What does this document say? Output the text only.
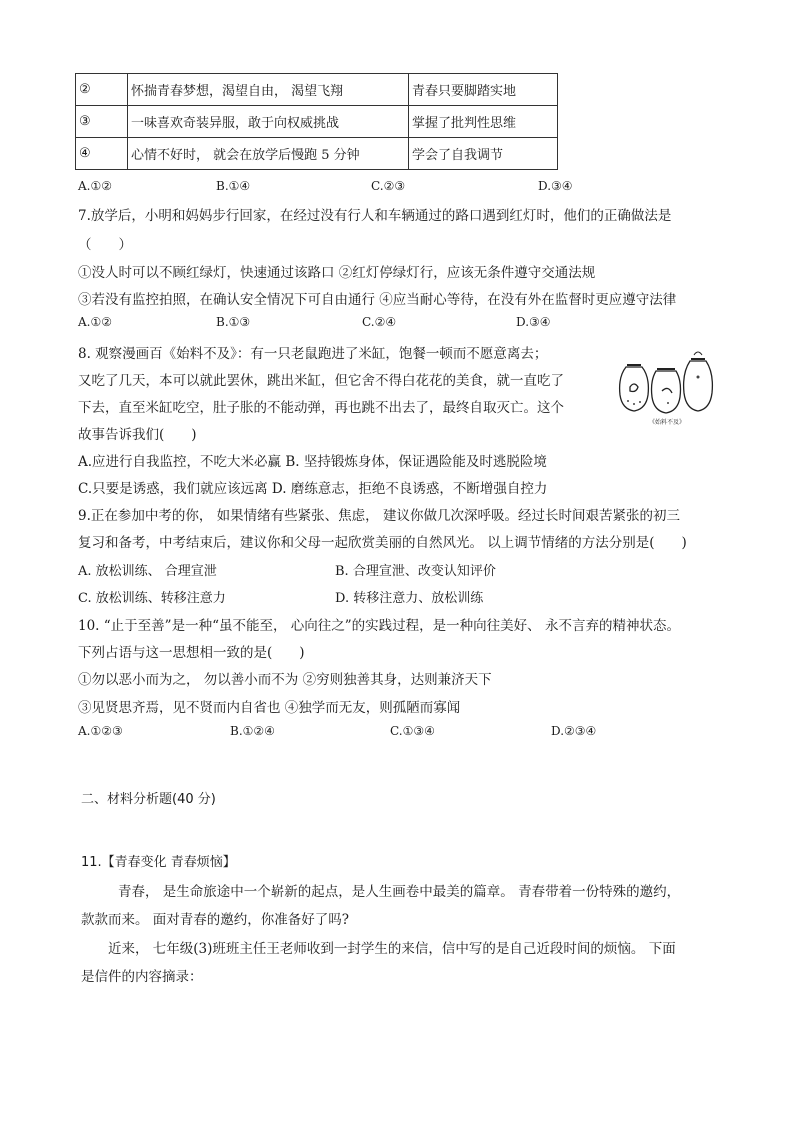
②	怀揣青春梦想，渴望自由， 渴望飞翔	青春只要脚踏实地
③	一味喜欢奇装异服，敢于向权威挑战	掌握了批判性思维
④	心情不好时， 就会在放学后慢跑 5 分钟	学会了自我调节
A.①②	B.①④	C.②③	D.③④
7.放学后，小明和妈妈步行回家，在经过没有行人和车辆通过的路口遇到红灯时，他们的正确做法是
（　　）
①没人时可以不顾红绿灯，快速通过该路口 ②红灯停绿灯行，应该无条件遵守交通法规
③若没有监控拍照，在确认安全情况下可自由通行 ④应当耐心等待，在没有外在监督时更应遵守法律
A.①②	B.①③	C.②④	D.③④
8. 观察漫画百《始料不及》：有一只老鼠跑进了米缸，饱餐一顿而不愿意离去；
又吃了几天，本可以就此罢休，跳出米缸，但它舍不得白花花的美食，就一直吃了
下去，直至米缸吃空，肚子胀的不能动弹，再也跳不出去了，最终自取灭亡。这个
故事告诉我们(　　)
《始料不及》
A.应进行自我监控，不吃大米必赢 B. 坚持锻炼身体，保证遇险能及时逃脱险境
C.只要是诱惑，我们就应该远离 D. 磨练意志，拒绝不良诱惑，不断增强自控力
9.正在参加中考的你， 如果情绪有些紧张、焦虑， 建议你做几次深呼吸。经过长时间艰苦紧张的初三
复习和备考，中考结束后，建议你和父母一起欣赏美丽的自然风光。 以上调节情绪的方法分别是(　　)
A. 放松训练、 合理宣泄	B. 合理宣泄、改变认知评价
C. 放松训练、转移注意力	D. 转移注意力、放松训练
10. “止于至善”是一种“虽不能至， 心向往之”的实践过程，是一种向往美好、 永不言弃的精神状态。
下列占语与这一思想相一致的是(　　)
①勿以恶小而为之， 勿以善小而不为 ②穷则独善其身，达则兼济天下
③见贤思齐焉，见不贤而内自省也 ④独学而无友，则孤陋而寡闻
A.①②③	B.①②④	C.①③④	D.②③④
二、材料分析题(40 分)
11.【青春变化 青春烦恼】
青春， 是生命旅途中一个崭新的起点，是人生画卷中最美的篇章。 青春带着一份特殊的邀约，
款款而来。 面对青春的邀约，你准备好了吗?
近来， 七年级(3)班班主任王老师收到一封学生的来信，信中写的是自己近段时间的烦恼。 下面
是信件的内容摘录：
